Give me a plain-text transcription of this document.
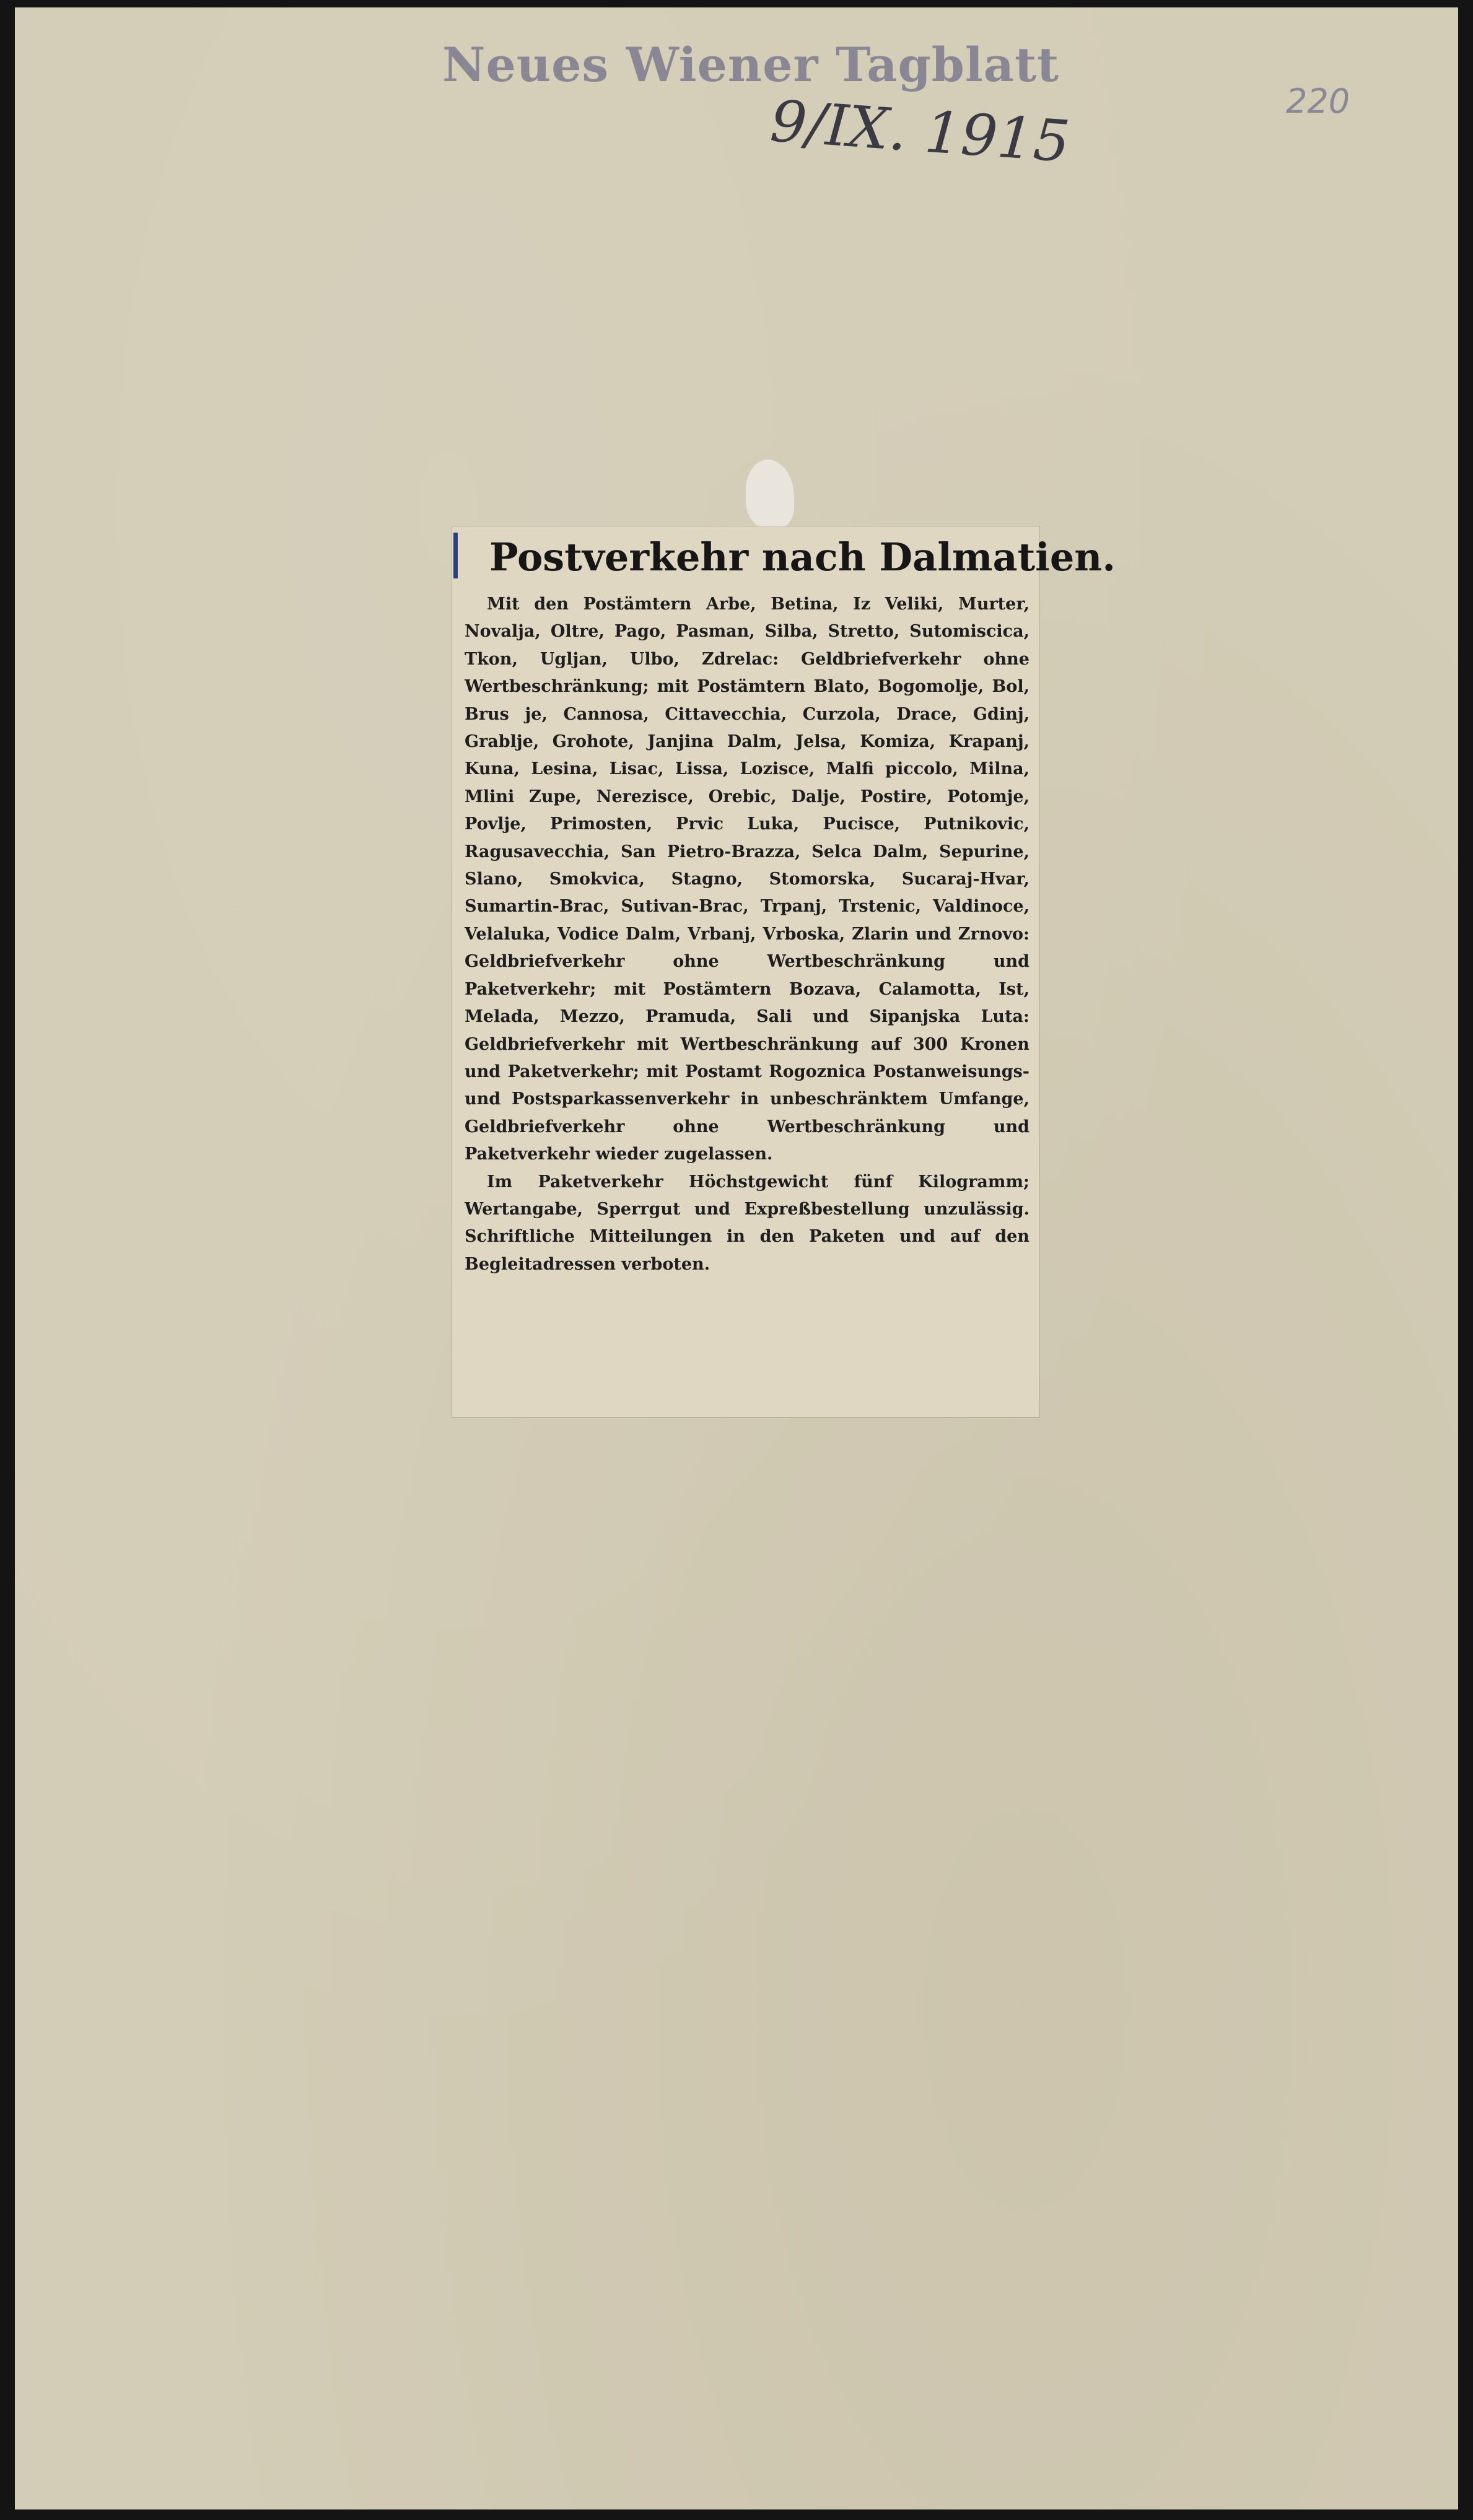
Neues Wiener Tagblatt
9/IX. 1915	220
Postverkehr nach Dalmatien.

Mit den Postämtern Arbe, Betina, Iz Veliki, Murter, Novalja, Oltre, Pago, Pasman, Silba, Stretto, Sutomiscica, Tkon, Ugljan, Ulbo, Zdrelac: Geldbriefverkehr ohne Wertbeschränkung; mit Postämtern Blato, Bogomolje, Bol, Brus je, Cannosa, Cittavecchia, Curzola, Drace, Gdinj, Grablje, Grohote, Janjina Dalm, Jelsa, Komiza, Krapanj, Kuna, Lesina, Lisac, Lissa, Lozisce, Malfi piccolo, Milna, Mlini Zupe, Nerezisce, Orebic, Dalje, Postire, Potomje, Povlje, Primosten, Prvic Luka, Pucisce, Putnikovic, Ragusavecchia, San Pietro-Brazza, Selca Dalm, Sepurine, Slano, Smokvica, Stagno, Stomorska, Sucaraj-Hvar, Sumartin-Brac, Sutivan-Brac, Trpanj, Trstenic, Valdinoce, Velaluka, Vodice Dalm, Vrbanj, Vrboska, Zlarin und Zrnovo: Geldbriefverkehr ohne Wertbeschränkung und Paketverkehr; mit Postämtern Bozava, Calamotta, Ist, Melada, Mezzo, Pramuda, Sali und Sipanjska Luta: Geldbriefverkehr mit Wertbeschränkung auf 300 Kronen und Paketverkehr; mit Postamt Rogoznica Postanweisungs- und Postsparkassenverkehr in unbeschränktem Umfange, Geldbriefverkehr ohne Wertbeschränkung und Paketverkehr wieder zugelassen.

Im Paketverkehr Höchstgewicht fünf Kilogramm; Wertangabe, Sperrgut und Expreßbestellung unzulässig. Schriftliche Mitteilungen in den Paketen und auf den Begleitadressen verboten.
